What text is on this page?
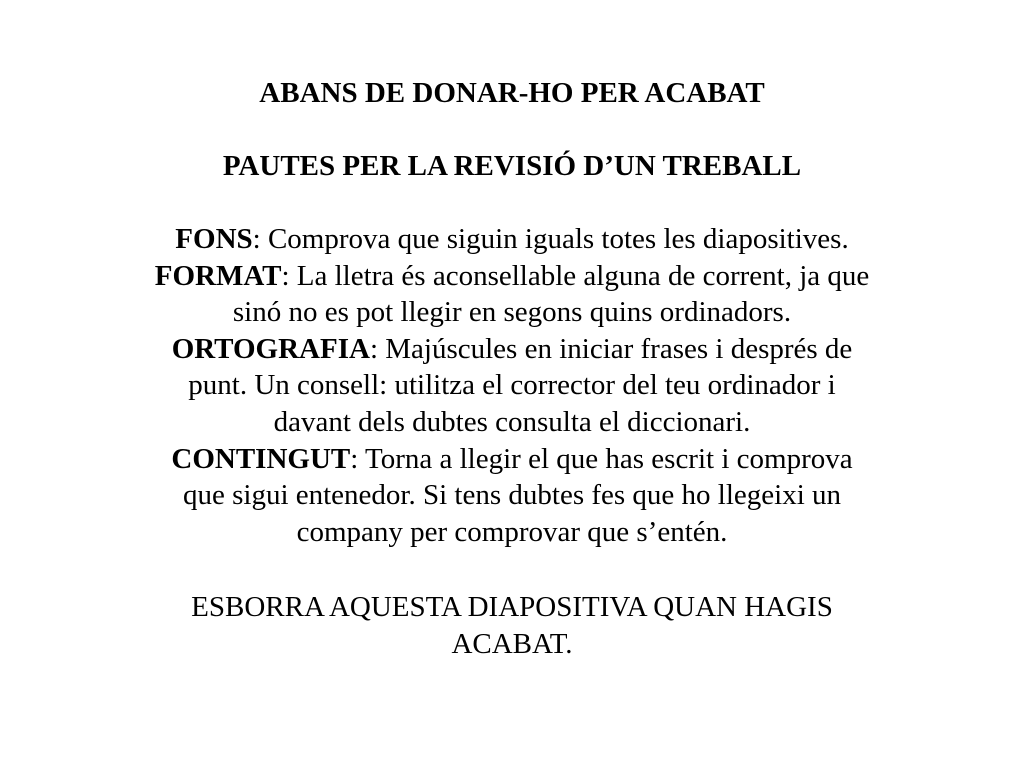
ABANS DE DONAR-HO PER ACABAT
PAUTES PER LA REVISIÓ D’UN TREBALL
FONS: Comprova que siguin iguals totes les diapositives.
FORMAT: La lletra és aconsellable alguna de corrent, ja que
sinó no es pot llegir en segons quins ordinadors.
ORTOGRAFIA: Majúscules en iniciar frases i després de
punt. Un consell: utilitza el corrector del teu ordinador i
davant dels dubtes consulta el diccionari.
CONTINGUT: Torna a llegir el que has escrit i comprova
que sigui entenedor. Si tens dubtes fes que ho llegeixi un
company per comprovar que s’entén.
ESBORRA AQUESTA DIAPOSITIVA QUAN HAGIS
ACABAT.
